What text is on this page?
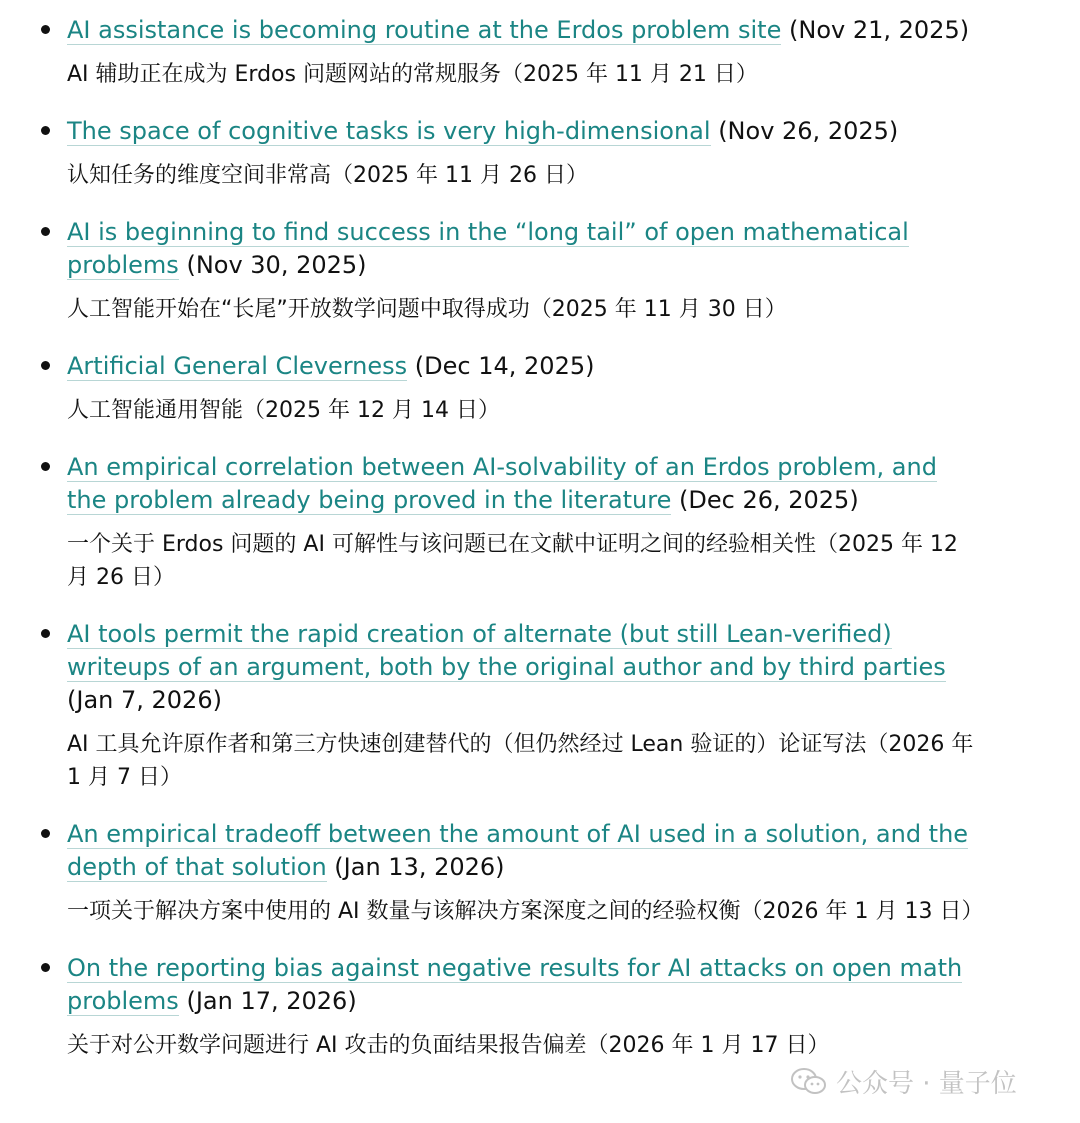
AI assistance is becoming routine at the Erdos problem site (Nov 21, 2025)
AI 辅助正在成为 Erdos 问题网站的常规服务（2025 年 11 月 21 日）
The space of cognitive tasks is very high-dimensional (Nov 26, 2025)
认知任务的维度空间非常高（2025 年 11 月 26 日）
AI is beginning to find success in the “long tail” of open mathematical problems (Nov 30, 2025)
人工智能开始在“长尾”开放数学问题中取得成功（2025 年 11 月 30 日）
Artificial General Cleverness (Dec 14, 2025)
人工智能通用智能（2025 年 12 月 14 日）
An empirical correlation between AI-solvability of an Erdos problem, and the problem already being proved in the literature (Dec 26, 2025)
一个关于 Erdos 问题的 AI 可解性与该问题已在文献中证明之间的经验相关性（2025 年 12 月 26 日）
AI tools permit the rapid creation of alternate (but still Lean-verified) writeups of an argument, both by the original author and by third parties (Jan 7, 2026)
AI 工具允许原作者和第三方快速创建替代的（但仍然经过 Lean 验证的）论证写法（2026 年 1 月 7 日）
An empirical tradeoff between the amount of AI used in a solution, and the depth of that solution (Jan 13, 2026)
一项关于解决方案中使用的 AI 数量与该解决方案深度之间的经验权衡（2026 年 1 月 13 日）
On the reporting bias against negative results for AI attacks on open math problems (Jan 17, 2026)
关于对公开数学问题进行 AI 攻击的负面结果报告偏差（2026 年 1 月 17 日）
公众号 · 量子位
